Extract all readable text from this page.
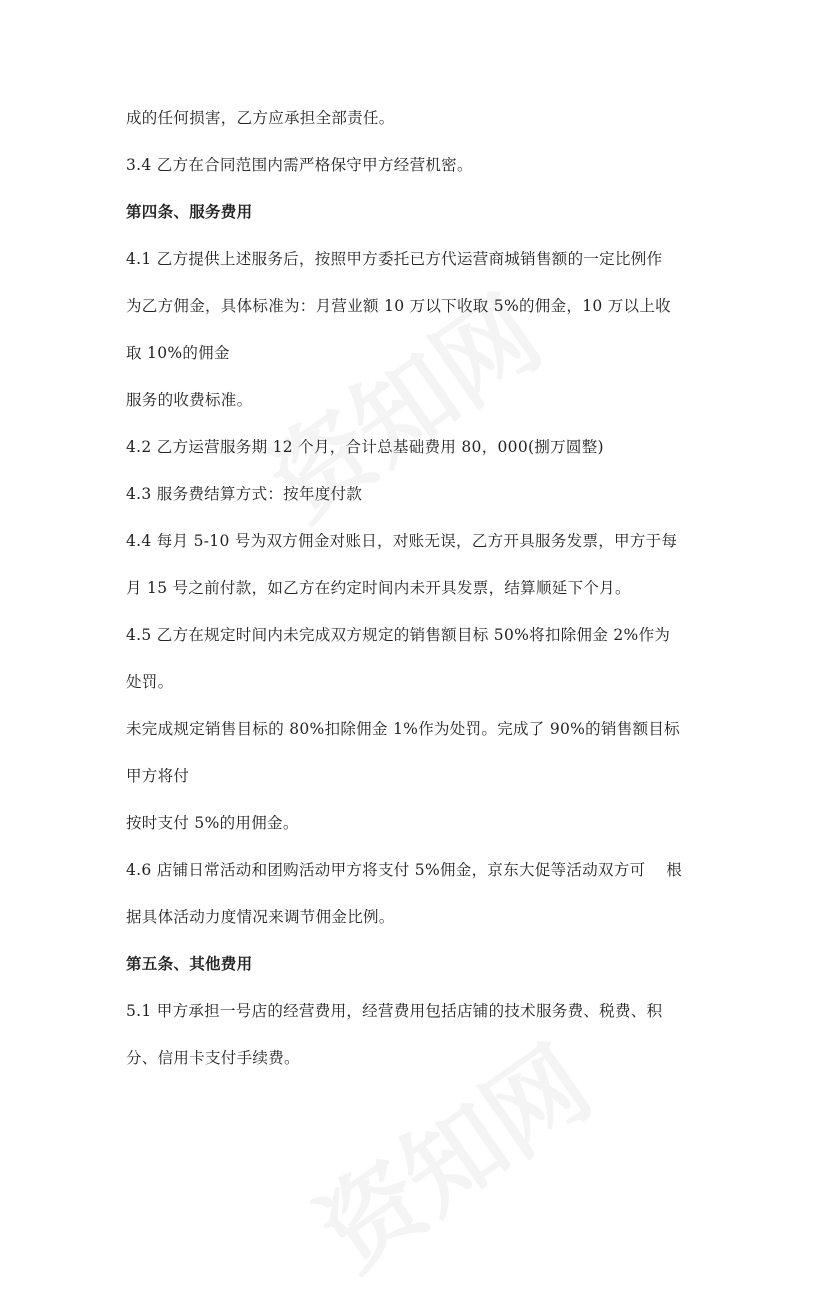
成的任何损害，乙方应承担全部责任。
3.4 乙方在合同范围内需严格保守甲方经营机密。
第四条、服务费用
4.1 乙方提供上述服务后，按照甲方委托已方代运营商城销售额的一定比例作
为乙方佣金，具体标准为：月营业额 10 万以下收取 5%的佣金，10 万以上收
取 10%的佣金
服务的收费标准。
4.2 乙方运营服务期 12 个月，合计总基础费用 80，000(捌万圆整)
4.3 服务费结算方式：按年度付款
4.4 每月 5-10 号为双方佣金对账日，对账无误，乙方开具服务发票，甲方于每
月 15 号之前付款，如乙方在约定时间内未开具发票，结算顺延下个月。
4.5 乙方在规定时间内未完成双方规定的销售额目标 50%将扣除佣金 2%作为
处罚。
未完成规定销售目标的 80%扣除佣金 1%作为处罚。完成了 90%的销售额目标
甲方将付
按时支付 5%的用佣金。
4.6 店铺日常活动和团购活动甲方将支付 5%佣金，京东大促等活动双方可    根
据具体活动力度情况来调节佣金比例。
第五条、其他费用
5.1 甲方承担一号店的经营费用，经营费用包括店铺的技术服务费、税费、积
分、信用卡支付手续费。
